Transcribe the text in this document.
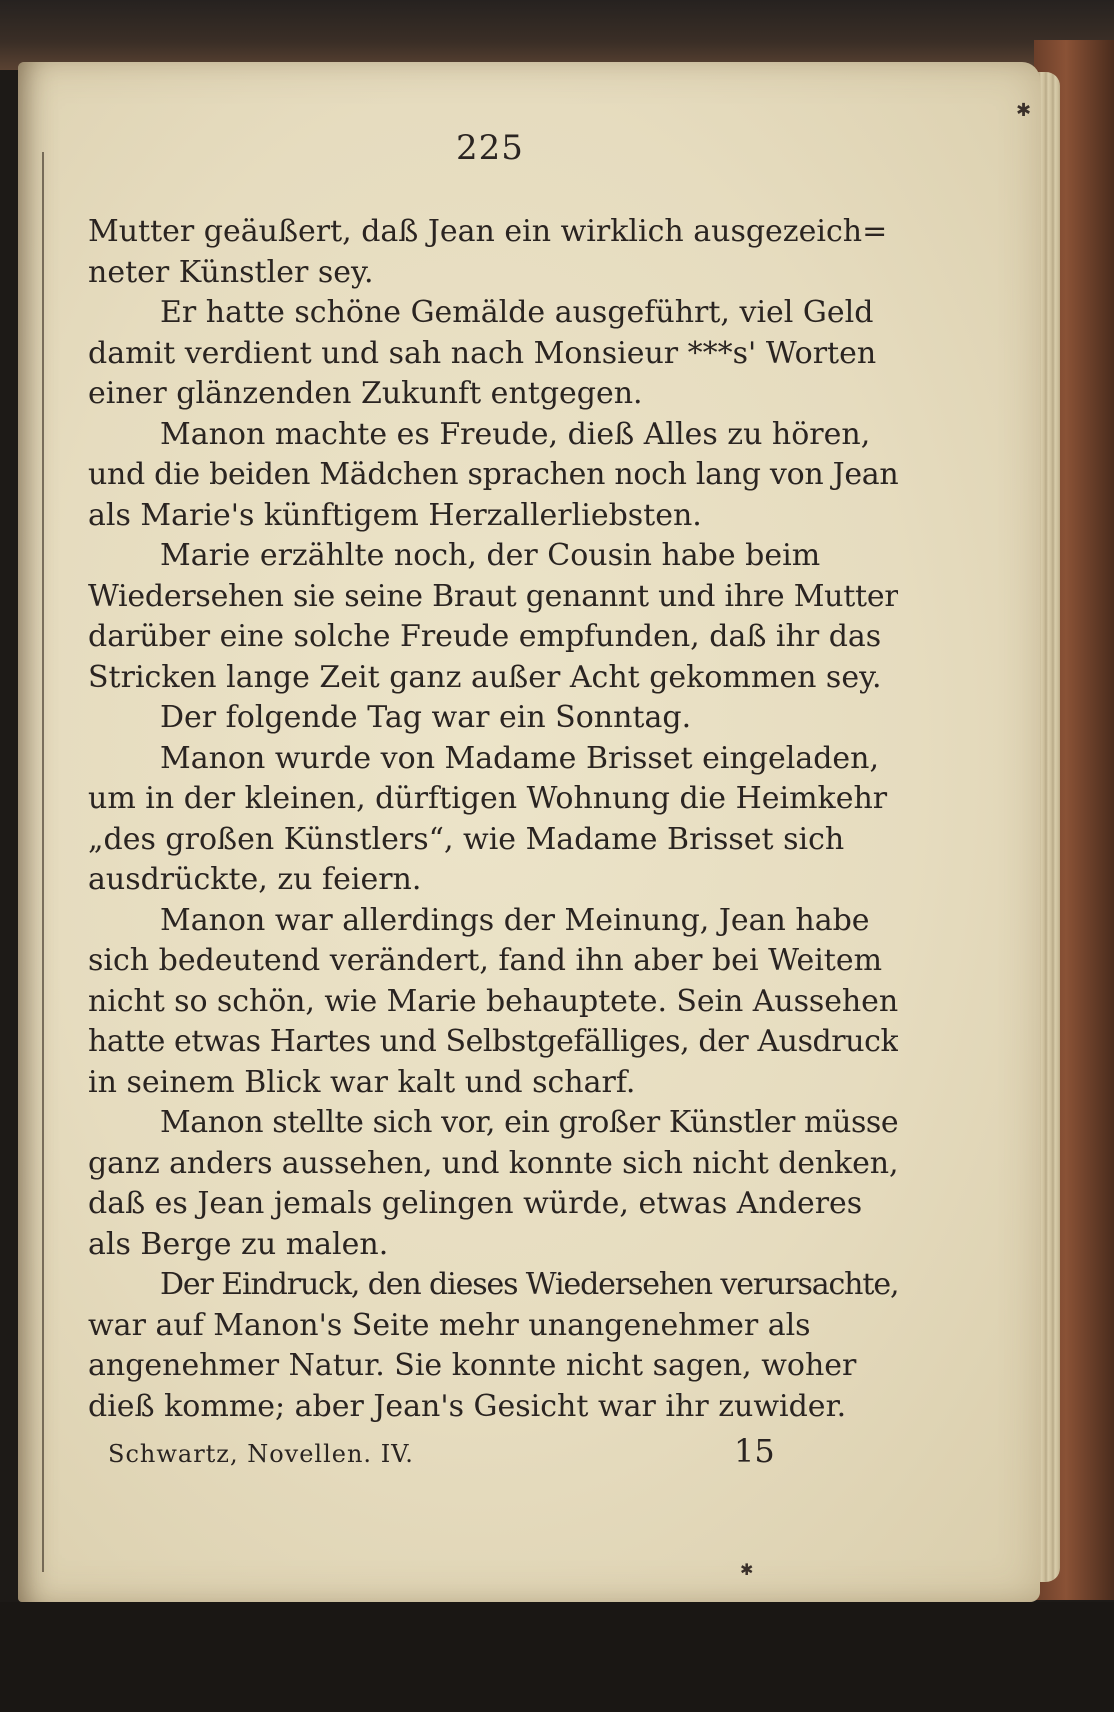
225
Mutter geäußert, daß Jean ein wirklich ausgezeich=
neter Künstler sey.
Er hatte schöne Gemälde ausgeführt, viel Geld
damit verdient und sah nach Monsieur ***s' Worten
einer glänzenden Zukunft entgegen.
Manon machte es Freude, dieß Alles zu hören,
und die beiden Mädchen sprachen noch lang von Jean
als Marie's künftigem Herzallerliebsten.
Marie erzählte noch, der Cousin habe beim
Wiedersehen sie seine Braut genannt und ihre Mutter
darüber eine solche Freude empfunden, daß ihr das
Stricken lange Zeit ganz außer Acht gekommen sey.
Der folgende Tag war ein Sonntag.
Manon wurde von Madame Brisset eingeladen,
um in der kleinen, dürftigen Wohnung die Heimkehr
„des großen Künstlers“, wie Madame Brisset sich
ausdrückte, zu feiern.
Manon war allerdings der Meinung, Jean habe
sich bedeutend verändert, fand ihn aber bei Weitem
nicht so schön, wie Marie behauptete. Sein Aussehen
hatte etwas Hartes und Selbstgefälliges, der Ausdruck
in seinem Blick war kalt und scharf.
Manon stellte sich vor, ein großer Künstler müsse
ganz anders aussehen, und konnte sich nicht denken,
daß es Jean jemals gelingen würde, etwas Anderes
als Berge zu malen.
Der Eindruck, den dieses Wiedersehen verursachte,
war auf Manon's Seite mehr unangenehmer als
angenehmer Natur. Sie konnte nicht sagen, woher
dieß komme; aber Jean's Gesicht war ihr zuwider.
Schwartz, Novellen. IV.	15
✱
✱
